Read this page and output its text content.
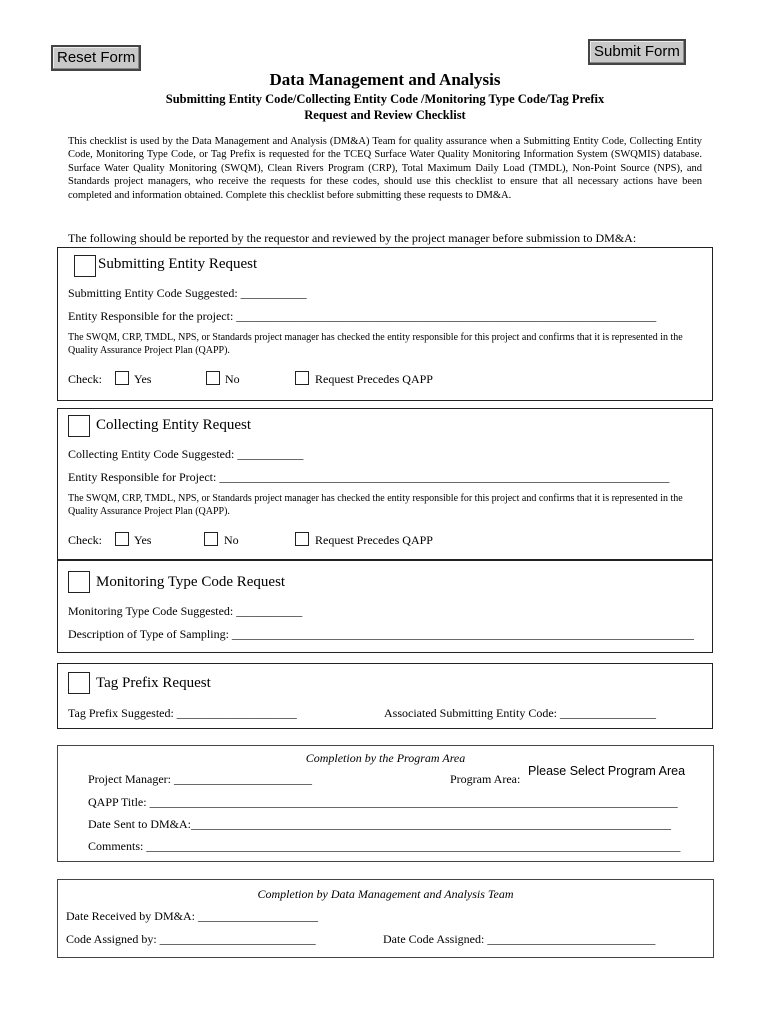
Reset Form	Submit Form
Data Management and Analysis
Submitting Entity Code/Collecting Entity Code /Monitoring Type Code/Tag Prefix
Request and Review Checklist
This checklist is used by the Data Management and Analysis (DM&A) Team for quality assurance when a Submitting Entity Code, Collecting Entity Code, Monitoring Type Code, or Tag Prefix is requested for the TCEQ Surface Water Quality Monitoring Information System (SWQMIS) database. Surface Water Quality Monitoring (SWQM), Clean Rivers Program (CRP), Total Maximum Daily Load (TMDL), Non-Point Source (NPS), and Standards project managers, who receive the requests for these codes, should use this checklist to ensure that all necessary actions have been completed and information obtained. Complete this checklist before submitting these requests to DM&A.
The following should be reported by the requestor and reviewed by the project manager before submission to DM&A:
Submitting Entity Request
Submitting Entity Code Suggested: ___________
Entity Responsible for the project: ______________________________________________________________________
The SWQM, CRP, TMDL, NPS, or Standards project manager has checked the entity responsible for this project and confirms that it is represented in the Quality Assurance Project Plan (QAPP).
Check:	Yes	No	Request Precedes QAPP
Collecting Entity Request
Collecting Entity Code Suggested: ___________
Entity Responsible for Project: ___________________________________________________________________________
The SWQM, CRP, TMDL, NPS, or Standards project manager has checked the entity responsible for this project and confirms that it is represented in the Quality Assurance Project Plan (QAPP).
Check:	Yes	No	Request Precedes QAPP
Monitoring Type Code Request
Monitoring Type Code Suggested: ___________
Description of Type of Sampling: _____________________________________________________________________________
Tag Prefix Request
Tag Prefix Suggested: ____________________	Associated Submitting Entity Code: ________________
Completion by the Program Area
Project Manager: _______________________	Program Area:
Please Select Program Area
QAPP Title: ________________________________________________________________________________________
Date Sent to DM&A:________________________________________________________________________________
Comments: _________________________________________________________________________________________
Completion by Data Management and Analysis Team
Date Received by DM&A: ____________________
Code Assigned by: __________________________	Date Code Assigned: ____________________________
